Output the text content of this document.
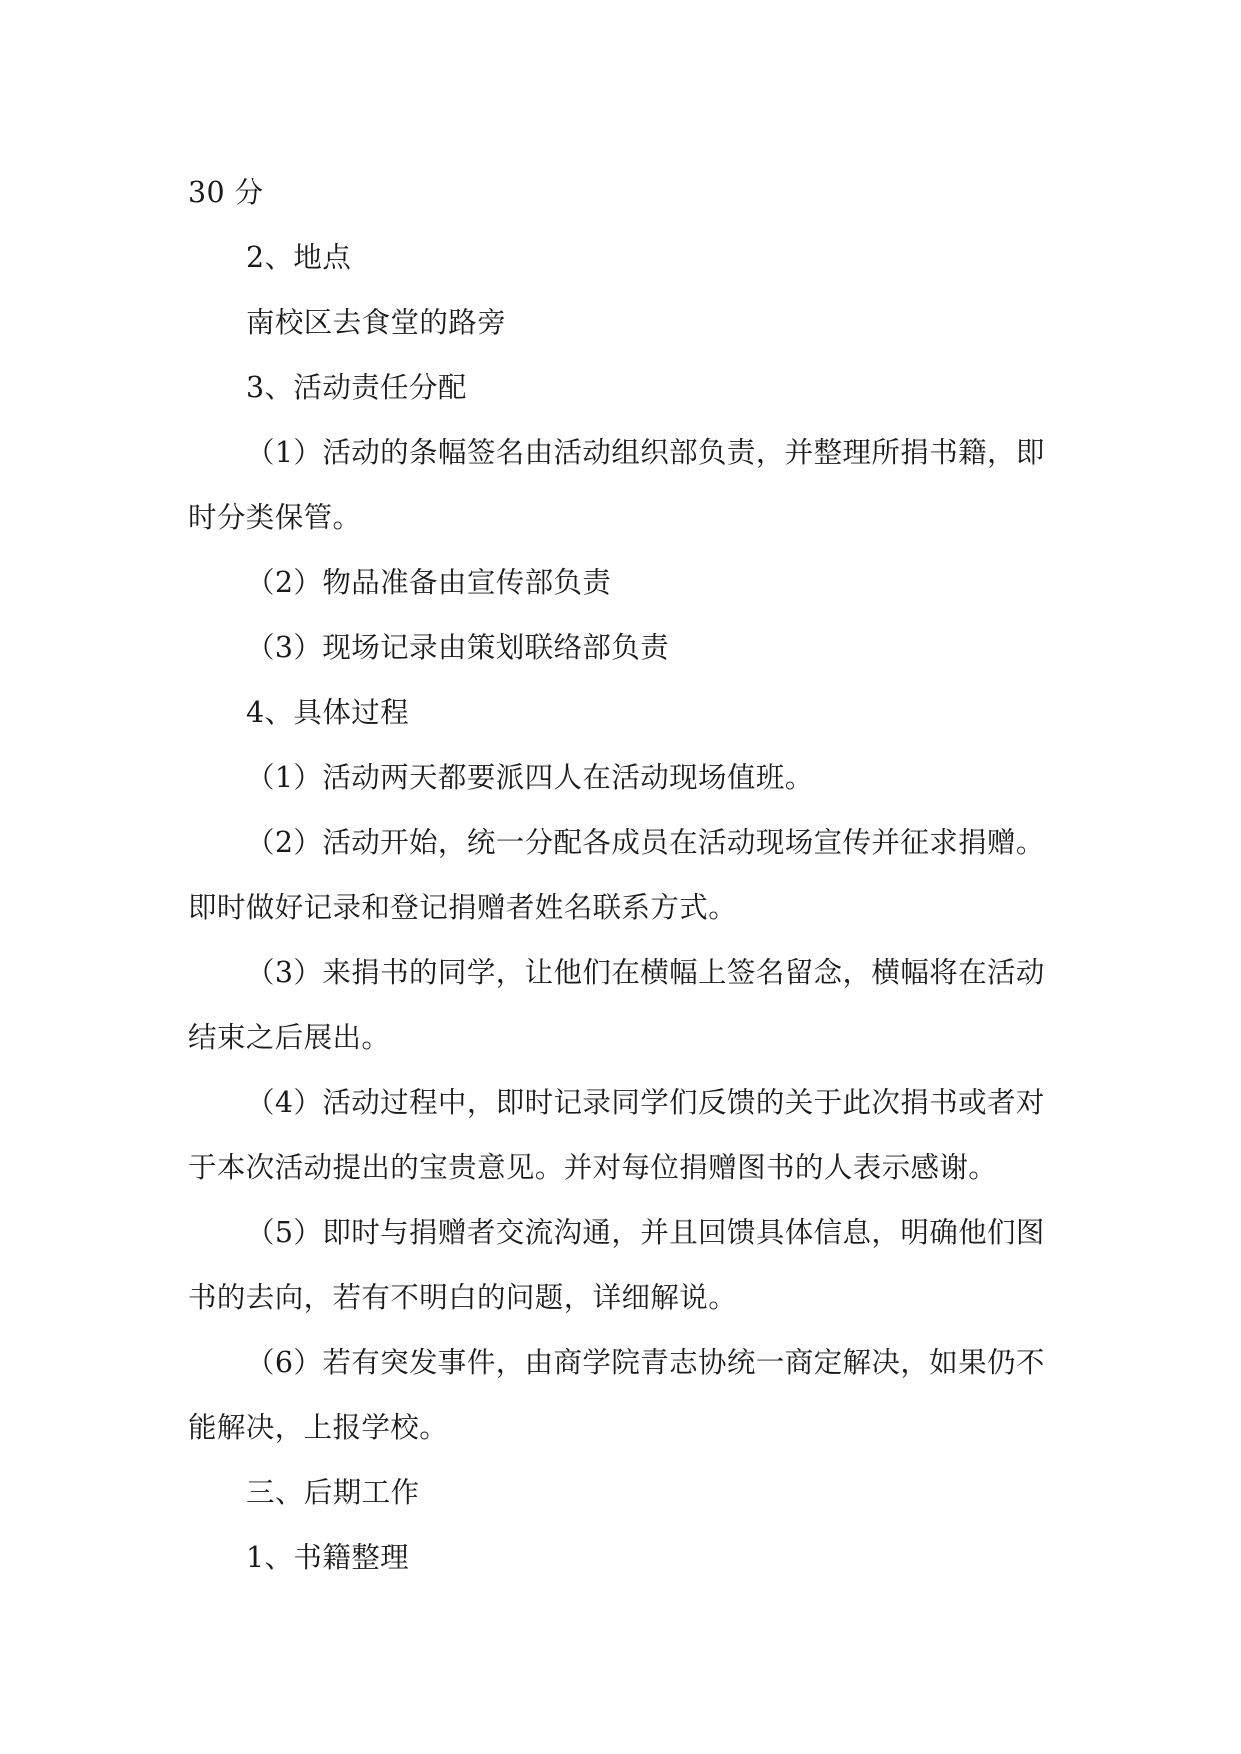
30 分

2、地点

南校区去食堂的路旁

3、活动责任分配

（1）活动的条幅签名由活动组织部负责，并整理所捐书籍，即时分类保管。

（2）物品准备由宣传部负责

（3）现场记录由策划联络部负责

4、具体过程

（1）活动两天都要派四人在活动现场值班。

（2）活动开始，统一分配各成员在活动现场宣传并征求捐赠。即时做好记录和登记捐赠者姓名联系方式。

（3）来捐书的同学，让他们在横幅上签名留念，横幅将在活动结束之后展出。

（4）活动过程中，即时记录同学们反馈的关于此次捐书或者对于本次活动提出的宝贵意见。并对每位捐赠图书的人表示感谢。

（5）即时与捐赠者交流沟通，并且回馈具体信息，明确他们图书的去向，若有不明白的问题，详细解说。

（6）若有突发事件，由商学院青志协统一商定解决，如果仍不能解决，上报学校。

三、后期工作

1、书籍整理
